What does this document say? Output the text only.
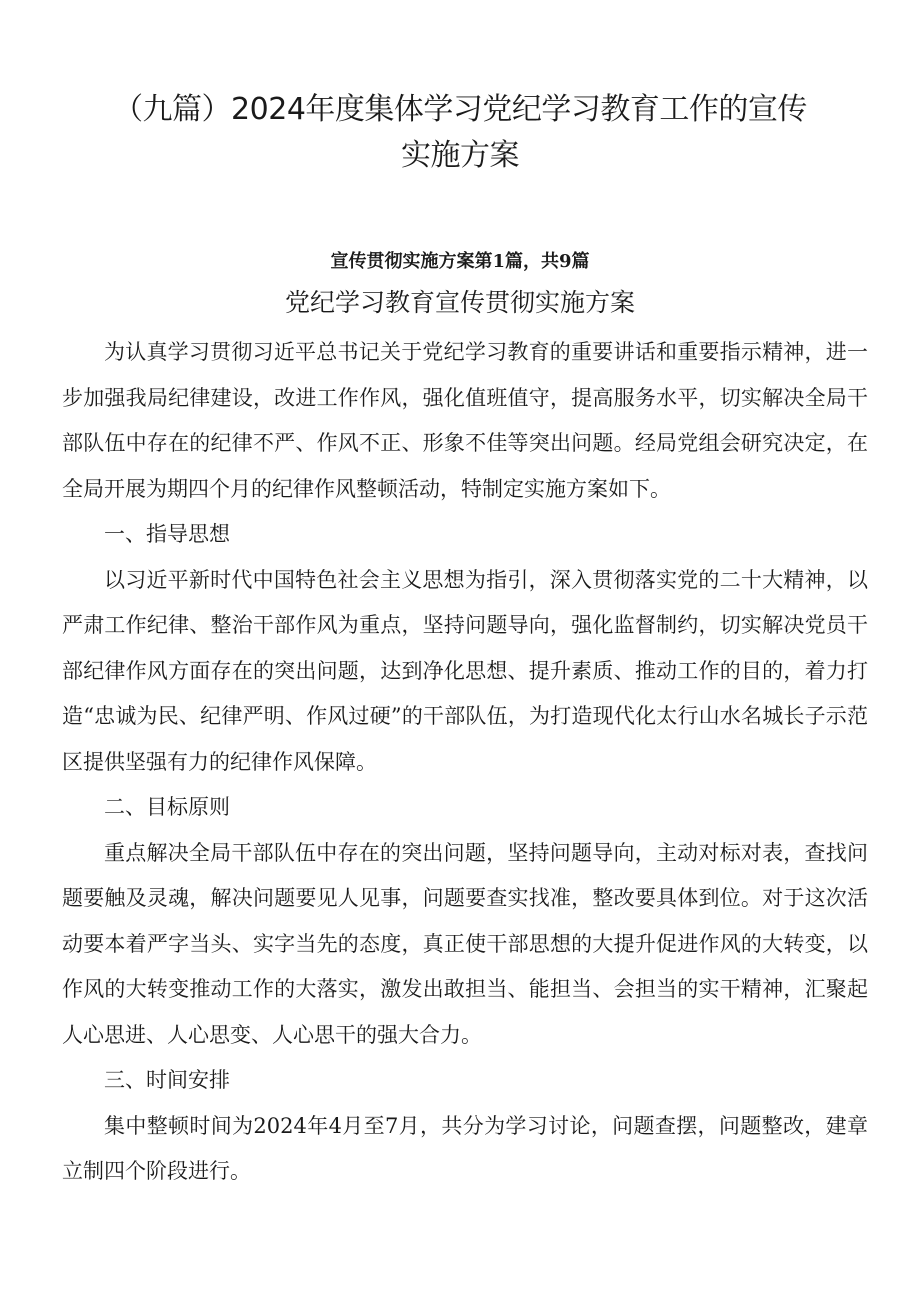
（九篇）2024年度集体学习党纪学习教育工作的宣传
实施方案
宣传贯彻实施方案第1篇，共9篇
党纪学习教育宣传贯彻实施方案

为认真学习贯彻习近平总书记关于党纪学习教育的重要讲话和重要指示精神，进一步加强我局纪律建设，改进工作作风，强化值班值守，提高服务水平，切实解决全局干部队伍中存在的纪律不严、作风不正、形象不佳等突出问题。经局党组会研究决定，在全局开展为期四个月的纪律作风整顿活动，特制定实施方案如下。

一、指导思想

以习近平新时代中国特色社会主义思想为指引，深入贯彻落实党的二十大精神，以严肃工作纪律、整治干部作风为重点，坚持问题导向，强化监督制约，切实解决党员干部纪律作风方面存在的突出问题，达到净化思想、提升素质、推动工作的目的，着力打造“忠诚为民、纪律严明、作风过硬”的干部队伍，为打造现代化太行山水名城长子示范区提供坚强有力的纪律作风保障。

二、目标原则

重点解决全局干部队伍中存在的突出问题，坚持问题导向，主动对标对表，查找问题要触及灵魂，解决问题要见人见事，问题要查实找准，整改要具体到位。对于这次活动要本着严字当头、实字当先的态度，真正使干部思想的大提升促进作风的大转变，以作风的大转变推动工作的大落实，激发出敢担当、能担当、会担当的实干精神，汇聚起人心思进、人心思变、人心思干的强大合力。

三、时间安排

集中整顿时间为2024年4月至7月，共分为学习讨论，问题查摆，问题整改，建章立制四个阶段进行。
